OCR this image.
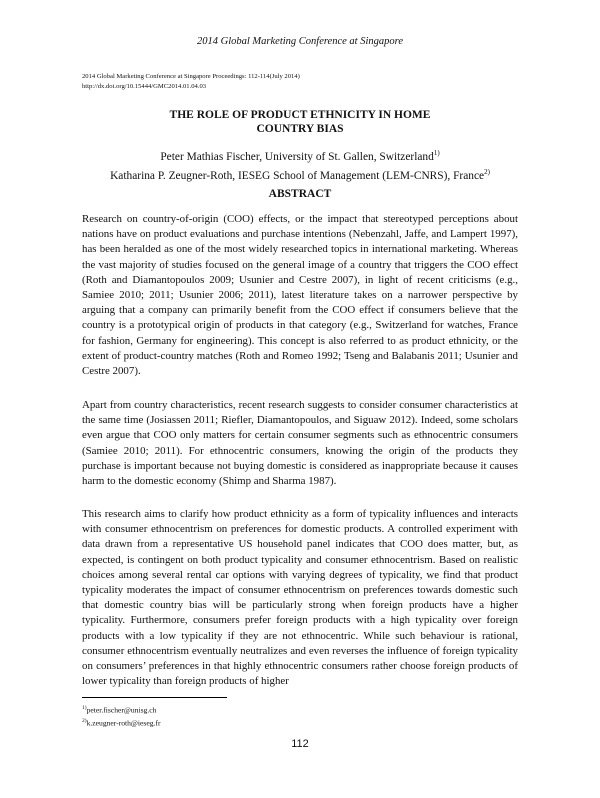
2014 Global Marketing Conference at Singapore
2014 Global Marketing Conference at Singapore Proceedings: 112-114(July 2014)
http://dx.doi.org/10.15444/GMC2014.01.04.03
THE ROLE OF PRODUCT ETHNICITY IN HOME
COUNTRY BIAS
Peter Mathias Fischer, University of St. Gallen, Switzerland$^{1)}$
Katharina P. Zeugner-Roth, IESEG School of Management (LEM-CNRS), France$^{2)}$
ABSTRACT

Research on country-of-origin (COO) effects, or the impact that stereotyped perceptions about nations have on product evaluations and purchase intentions (Nebenzahl, Jaffe, and Lampert 1997), has been heralded as one of the most widely researched topics in international marketing. Whereas the vast majority of studies focused on the general image of a country that triggers the COO effect (Roth and Diamantopoulos 2009; Usunier and Cestre 2007), in light of recent criticisms (e.g., Samiee 2010; 2011; Usunier 2006; 2011), latest literature takes on a narrower perspective by arguing that a company can primarily benefit from the COO effect if consumers believe that the country is a prototypical origin of products in that category (e.g., Switzerland for watches, France for fashion, Germany for engineering). This concept is also referred to as product ethnicity, or the extent of product-country matches (Roth and Romeo 1992; Tseng and Balabanis 2011; Usunier and Cestre 2007).

Apart from country characteristics, recent research suggests to consider consumer characteristics at the same time (Josiassen 2011; Riefler, Diamantopoulos, and Siguaw 2012). Indeed, some scholars even argue that COO only matters for certain consumer segments such as ethnocentric consumers (Samiee 2010; 2011). For ethnocentric consumers, knowing the origin of the products they purchase is important because not buying domestic is considered as inappropriate because it causes harm to the domestic economy (Shimp and Sharma 1987).

This research aims to clarify how product ethnicity as a form of typicality influences and interacts with consumer ethnocentrism on preferences for domestic products. A controlled experiment with data drawn from a representative US household panel indicates that COO does matter, but, as expected, is contingent on both product typicality and consumer ethnocentrism. Based on realistic choices among several rental car options with varying degrees of typicality, we find that product typicality moderates the impact of consumer ethnocentrism on preferences towards domestic such that domestic country bias will be particularly strong when foreign products have a higher typicality. Furthermore, consumers prefer foreign products with a high typicality over foreign products with a low typicality if they are not ethnocentric. While such behaviour is rational, consumer ethnocentrism eventually neutralizes and even reverses the influence of foreign typicality on consumers’ preferences in that highly ethnocentric consumers rather choose foreign products of lower typicality than foreign products of higher

$^{1)}$peter.fischer@unisg.ch
$^{2)}$k.zeugner-roth@ieseg.fr
112
